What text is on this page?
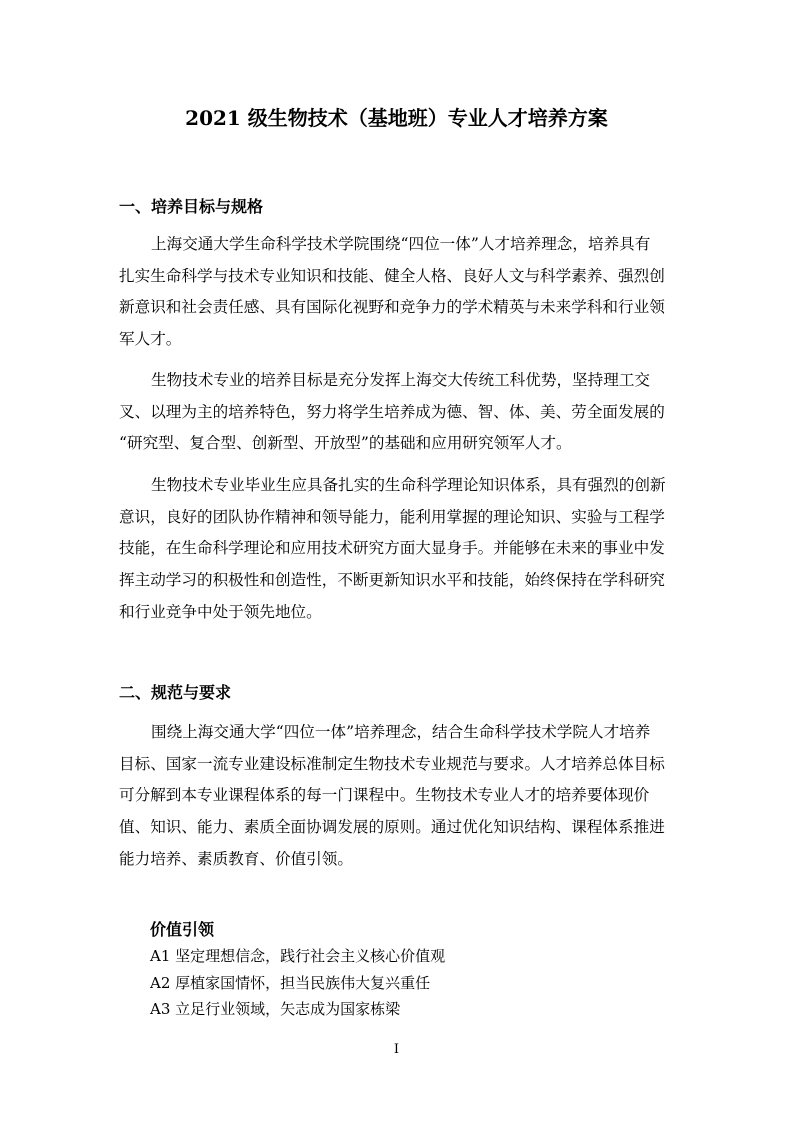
2021 级生物技术（基地班）专业人才培养方案
一、培养目标与规格
上海交通大学生命科学技术学院围绕“四位一体”人才培养理念，培养具有
扎实生命科学与技术专业知识和技能、健全人格、良好人文与科学素养、强烈创
新意识和社会责任感、具有国际化视野和竞争力的学术精英与未来学科和行业领
军人才。
生物技术专业的培养目标是充分发挥上海交大传统工科优势，坚持理工交
叉、以理为主的培养特色，努力将学生培养成为德、智、体、美、劳全面发展的
“研究型、复合型、创新型、开放型”的基础和应用研究领军人才。
生物技术专业毕业生应具备扎实的生命科学理论知识体系，具有强烈的创新
意识，良好的团队协作精神和领导能力，能利用掌握的理论知识、实验与工程学
技能，在生命科学理论和应用技术研究方面大显身手。并能够在未来的事业中发
挥主动学习的积极性和创造性，不断更新知识水平和技能，始终保持在学科研究
和行业竞争中处于领先地位。
二、规范与要求
围绕上海交通大学“四位一体”培养理念，结合生命科学技术学院人才培养
目标、国家一流专业建设标准制定生物技术专业规范与要求。人才培养总体目标
可分解到本专业课程体系的每一门课程中。生物技术专业人才的培养要体现价
值、知识、能力、素质全面协调发展的原则。通过优化知识结构、课程体系推进
能力培养、素质教育、价值引领。
价值引领
A1 坚定理想信念，践行社会主义核心价值观
A2 厚植家国情怀，担当民族伟大复兴重任
A3 立足行业领域，矢志成为国家栋梁
I
